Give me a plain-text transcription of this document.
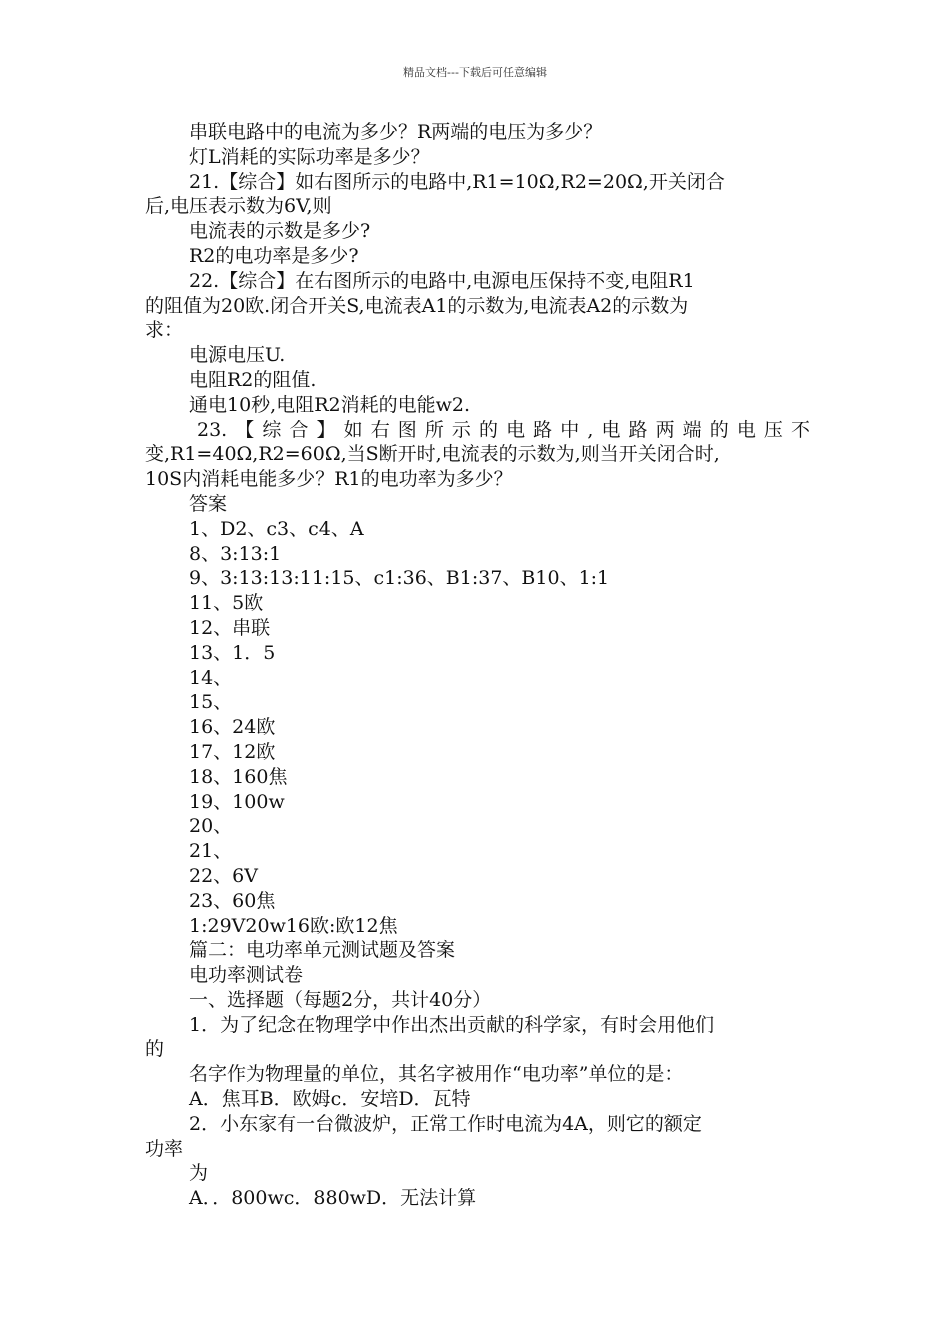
精品文档---下载后可任意编辑
串联电路中的电流为多少？R两端的电压为多少？
灯L消耗的实际功率是多少？
21.【综合】如右图所示的电路中,R1=10Ω,R2=20Ω,开关闭合
后,电压表示数为6V,则
电流表的示数是多少?
R2的电功率是多少?
22.【综合】在右图所示的电路中,电源电压保持不变,电阻R1
的阻值为20欧.闭合开关S,电流表A1的示数为,电流表A2的示数为
求：
电源电压U.
电阻R2的阻值.
通电10秒,电阻R2消耗的电能w2.
23.【综合】如右图所示的电路中,电路两端的电压不
变,R1=40Ω,R2=60Ω,当S断开时,电流表的示数为,则当开关闭合时,
10S内消耗电能多少？R1的电功率为多少？
答案
1、D2、c3、c4、A
8、3:13:1
9、3:13:13:11:15、c1:36、B1:37、B10、1:1
11、5欧
12、串联
13、1．5
14、
15、
16、24欧
17、12欧
18、160焦
19、100w
20、
21、
22、6V
23、60焦
1:29V20w16欧:欧12焦
篇二：电功率单元测试题及答案
电功率测试卷
一、选择题（每题2分，共计40分）
1．为了纪念在物理学中作出杰出贡献的科学家，有时会用他们
的
名字作为物理量的单位，其名字被用作“电功率”单位的是：
A．焦耳B．欧姆c．安培D．瓦特
2．小东家有一台微波炉，正常工作时电流为4A，则它的额定
功率
为
A．．800wc．880wD．无法计算
